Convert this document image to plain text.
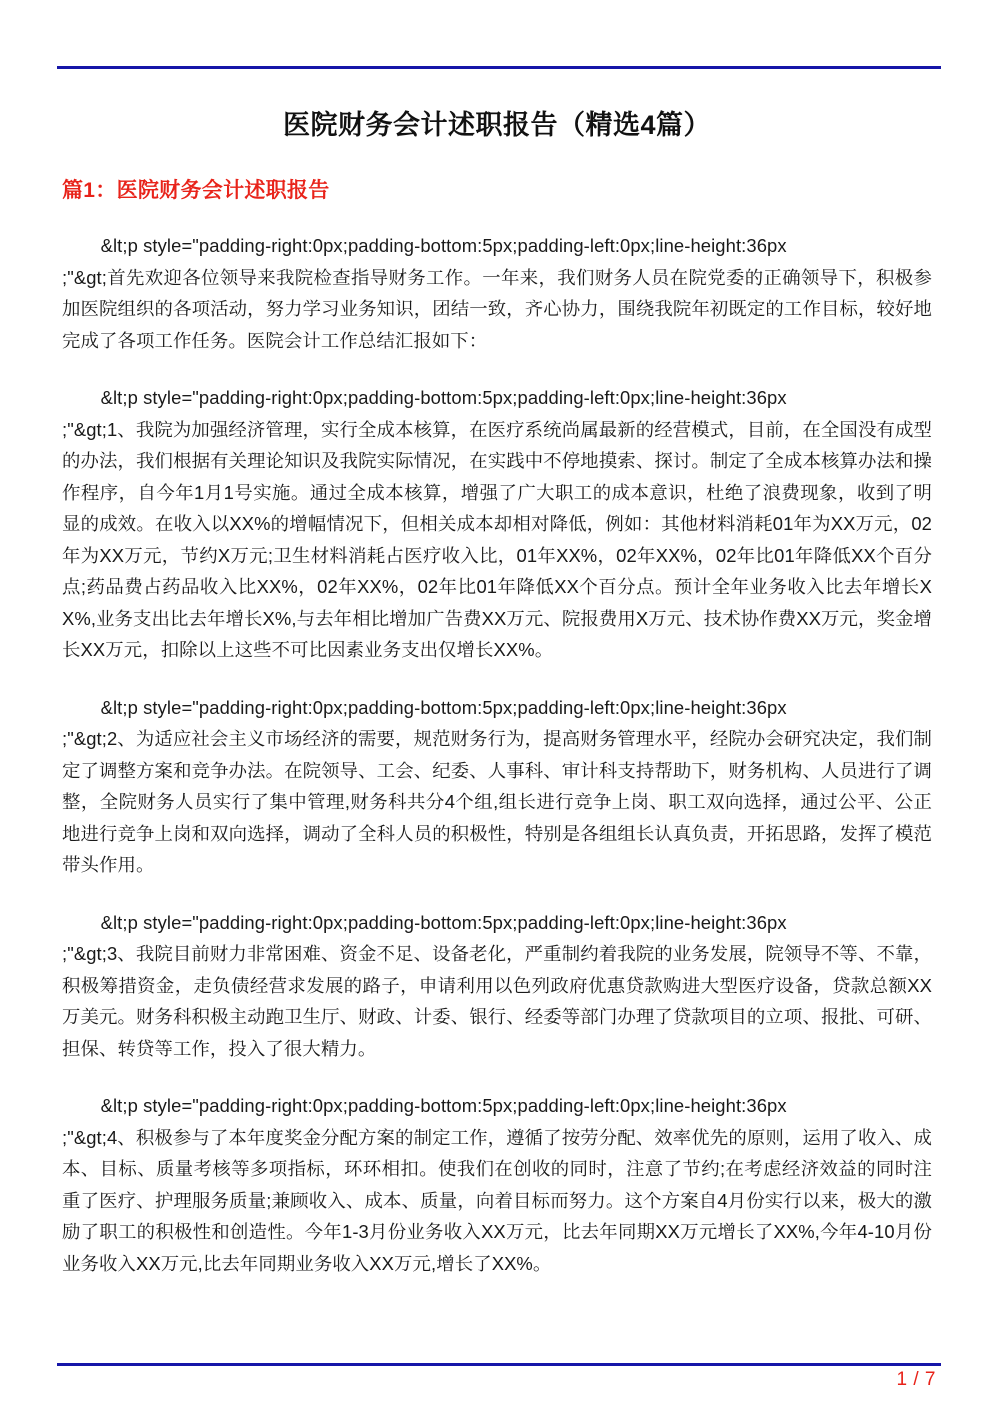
医院财务会计述职报告（精选4篇）
篇1：医院财务会计述职报告

&lt;p style="padding-right:0px;padding-bottom:5px;padding-left:0px;line-height:36px
;"&gt;首先欢迎各位领导来我院检查指导财务工作。一年来，我们财务人员在院党委的正确领导下，积极参加医院组织的各项活动，努力学习业务知识，团结一致，齐心协力，围绕我院年初既定的工作目标，较好地完成了各项工作任务。医院会计工作总结汇报如下：

&lt;p style="padding-right:0px;padding-bottom:5px;padding-left:0px;line-height:36px
;"&gt;1、我院为加强经济管理，实行全成本核算，在医疗系统尚属最新的经营模式，目前，在全国没有成型的办法，我们根据有关理论知识及我院实际情况，在实践中不停地摸索、探讨。制定了全成本核算办法和操作程序，自今年1月1号实施。通过全成本核算，增强了广大职工的成本意识，杜绝了浪费现象，收到了明显的成效。在收入以XX%的增幅情况下，但相关成本却相对降低，例如：其他材料消耗01年为XX万元，02年为XX万元，节约X万元;卫生材料消耗占医疗收入比，01年XX%，02年XX%，02年比01年降低XX个百分点;药品费占药品收入比XX%，02年XX%，02年比01年降低XX个百分点。预计全年业务收入比去年增长XX%,业务支出比去年增长X%,与去年相比增加广告费XX万元、院报费用X万元、技术协作费XX万元，奖金增长XX万元，扣除以上这些不可比因素业务支出仅增长XX%。

&lt;p style="padding-right:0px;padding-bottom:5px;padding-left:0px;line-height:36px
;"&gt;2、为适应社会主义市场经济的需要，规范财务行为，提高财务管理水平，经院办会研究决定，我们制定了调整方案和竞争办法。在院领导、工会、纪委、人事科、审计科支持帮助下，财务机构、人员进行了调整，全院财务人员实行了集中管理,财务科共分4个组,组长进行竞争上岗、职工双向选择，通过公平、公正地进行竞争上岗和双向选择，调动了全科人员的积极性，特别是各组组长认真负责，开拓思路，发挥了模范带头作用。

&lt;p style="padding-right:0px;padding-bottom:5px;padding-left:0px;line-height:36px
;"&gt;3、我院目前财力非常困难、资金不足、设备老化，严重制约着我院的业务发展，院领导不等、不靠，积极筹措资金，走负债经营求发展的路子，申请利用以色列政府优惠贷款购进大型医疗设备，贷款总额XX万美元。财务科积极主动跑卫生厅、财政、计委、银行、经委等部门办理了贷款项目的立项、报批、可研、担保、转贷等工作，投入了很大精力。

&lt;p style="padding-right:0px;padding-bottom:5px;padding-left:0px;line-height:36px
;"&gt;4、积极参与了本年度奖金分配方案的制定工作，遵循了按劳分配、效率优先的原则，运用了收入、成本、目标、质量考核等多项指标，环环相扣。使我们在创收的同时，注意了节约;在考虑经济效益的同时注重了医疗、护理服务质量;兼顾收入、成本、质量，向着目标而努力。这个方案自4月份实行以来，极大的激励了职工的积极性和创造性。今年1-3月份业务收入XX万元，比去年同期XX万元增长了XX%,今年4-10月份业务收入XX万元,比去年同期业务收入XX万元,增长了XX%。

1 / 7
